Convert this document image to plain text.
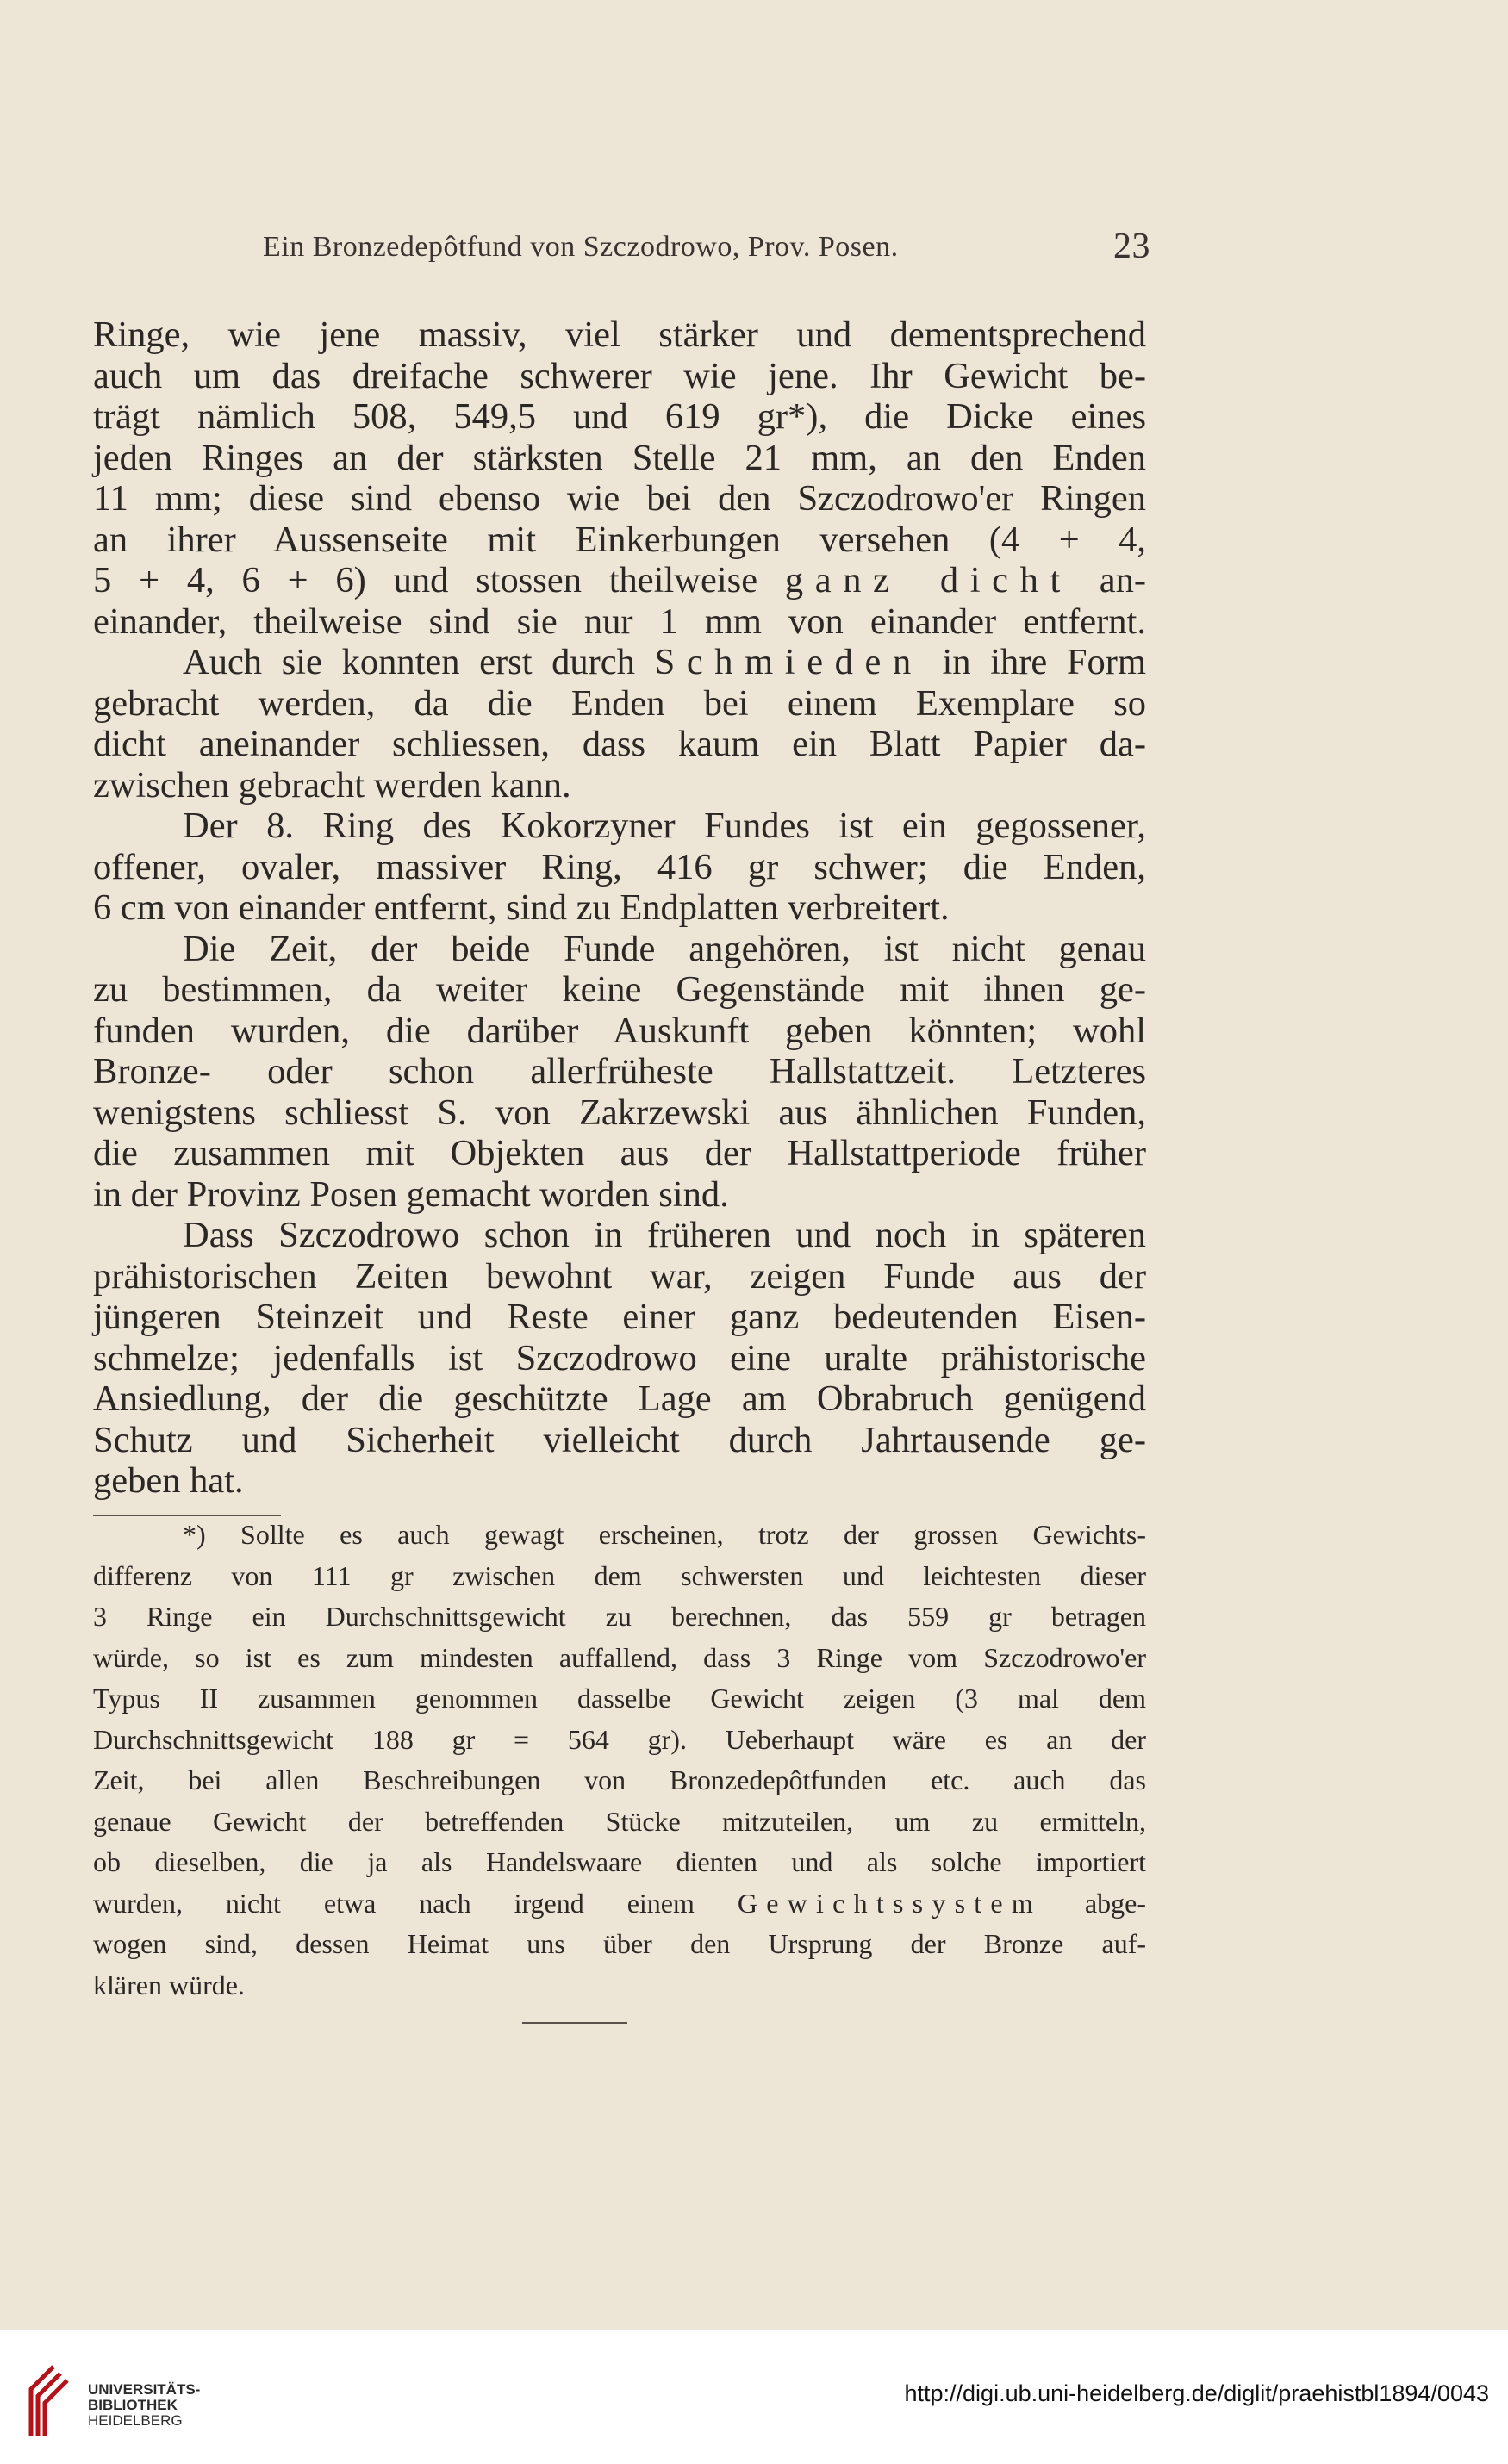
Ein Bronzedepôtfund von Szczodrowo, Prov. Posen.	23
Ringe, wie jene massiv, viel stärker und dementsprechend
auch um das dreifache schwerer wie jene. Ihr Gewicht be-
trägt nämlich 508, 549,5 und 619 gr*), die Dicke eines
jeden Ringes an der stärksten Stelle 21 mm, an den Enden
11 mm; diese sind ebenso wie bei den Szczodrowo'er Ringen
an ihrer Aussenseite mit Einkerbungen versehen (4 + 4,
5 + 4, 6 + 6) und stossen theilweise ganz dicht an-
einander, theilweise sind sie nur 1 mm von einander entfernt.
Auch sie konnten erst durch Schmieden in ihre Form
gebracht werden, da die Enden bei einem Exemplare so
dicht aneinander schliessen, dass kaum ein Blatt Papier da-
zwischen gebracht werden kann.
Der 8. Ring des Kokorzyner Fundes ist ein gegossener,
offener, ovaler, massiver Ring, 416 gr schwer; die Enden,
6 cm von einander entfernt, sind zu Endplatten verbreitert.
Die Zeit, der beide Funde angehören, ist nicht genau
zu bestimmen, da weiter keine Gegenstände mit ihnen ge-
funden wurden, die darüber Auskunft geben könnten; wohl
Bronze- oder schon allerfrüheste Hallstattzeit. Letzteres
wenigstens schliesst S. von Zakrzewski aus ähnlichen Funden,
die zusammen mit Objekten aus der Hallstattperiode früher
in der Provinz Posen gemacht worden sind.
Dass Szczodrowo schon in früheren und noch in späteren
prähistorischen Zeiten bewohnt war, zeigen Funde aus der
jüngeren Steinzeit und Reste einer ganz bedeutenden Eisen-
schmelze; jedenfalls ist Szczodrowo eine uralte prähistorische
Ansiedlung, der die geschützte Lage am Obrabruch genügend
Schutz und Sicherheit vielleicht durch Jahrtausende ge-
geben hat.
*) Sollte es auch gewagt erscheinen, trotz der grossen Gewichts-
differenz von 111 gr zwischen dem schwersten und leichtesten dieser
3 Ringe ein Durchschnittsgewicht zu berechnen, das 559 gr betragen
würde, so ist es zum mindesten auffallend, dass 3 Ringe vom Szczodrowo'er
Typus II zusammen genommen dasselbe Gewicht zeigen (3 mal dem
Durchschnittsgewicht 188 gr = 564 gr). Ueberhaupt wäre es an der
Zeit, bei allen Beschreibungen von Bronzedepôtfunden etc. auch das
genaue Gewicht der betreffenden Stücke mitzuteilen, um zu ermitteln,
ob dieselben, die ja als Handelswaare dienten und als solche importiert
wurden, nicht etwa nach irgend einem Gewichtssystem abge-
wogen sind, dessen Heimat uns über den Ursprung der Bronze auf-
klären würde.
UNIVERSITÄTS-
BIBLIOTHEK
HEIDELBERG
http://digi.ub.uni-heidelberg.de/diglit/praehistbl1894/0043
